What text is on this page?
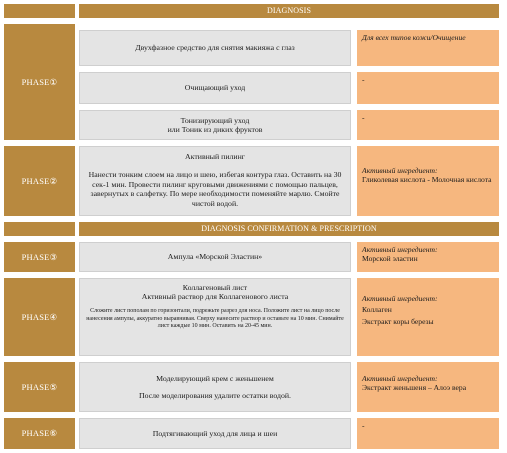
DIAGNOSIS
PHASE①
Двухфазное средство для снятия макияжа с глаз
Для всех типов кожи/Очищение
Очищающий уход
-
Тонизирующий уход
или Тоник из диких фруктов
-
PHASE②
Активный пилинг
Нанести тонким слоем на лицо и шею, избегая контура глаз. Оставить на 30 сек-1 мин. Провести пилинг круговыми движениями с помощью пальцев, завернутых в салфетку. По мере необходимости поменяйте марлю. Смойте чистой водой.
Активный ингредиент:
Гликолевая кислота - Молочная кислота
DIAGNOSIS CONFIRMATION & PRESCRIPTION
PHASE③	Ампула «Морской Эластин»
Активный ингредиент:
Морской эластин
PHASE④
Коллагеновый лист
Активный раствор для Коллагенового листа
Сложите лист пополам по горизонтали, подрежьте разрез для носа. Положите лист на лицо после нанесения ампулы, аккуратно выравнивая. Сверху нанесите раствор и оставьте на 10 мин. Снимайте лист каждые 10 мин. Оставить на 20-45 мин.
Активный ингредиент:
Коллаген
Экстракт коры березы
PHASE⑤
Моделирующий крем с женьшенем
После моделирования удалите остатки водой.
Активный ингредиент:
Экстракт женьшеня – Алоэ вера
PHASE⑥	Подтягивающий уход для лица и шеи
-
